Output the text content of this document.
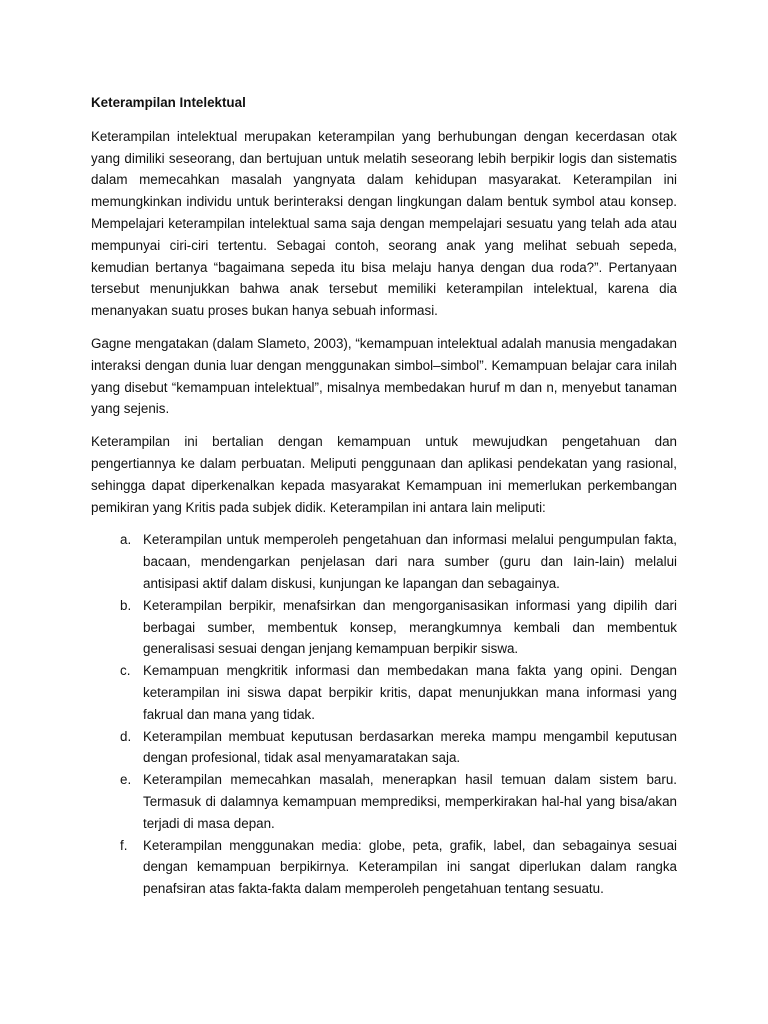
Keterampilan Intelektual

Keterampilan intelektual merupakan keterampilan yang berhubungan dengan kecerdasan otak yang dimiliki seseorang, dan bertujuan untuk melatih seseorang lebih berpikir logis dan sistematis dalam memecahkan masalah yangnyata dalam kehidupan masyarakat. Keterampilan ini memungkinkan individu untuk berinteraksi dengan lingkungan dalam bentuk symbol atau konsep. Mempelajari keterampilan intelektual sama saja dengan mempelajari sesuatu yang telah ada atau mempunyai ciri-ciri tertentu. Sebagai contoh, seorang anak yang melihat sebuah sepeda, kemudian bertanya “bagaimana sepeda itu bisa melaju hanya dengan dua roda?”. Pertanyaan tersebut menunjukkan bahwa anak tersebut memiliki keterampilan intelektual, karena dia menanyakan suatu proses bukan hanya sebuah informasi.

Gagne mengatakan (dalam Slameto, 2003), “kemampuan intelektual adalah manusia mengadakan interaksi dengan dunia luar dengan menggunakan simbol–simbol”. Kemampuan belajar cara inilah yang disebut “kemampuan intelektual”, misalnya membedakan huruf m dan n, menyebut tanaman yang sejenis.

Keterampilan ini bertalian dengan kemampuan untuk mewujudkan pengetahuan dan pengertiannya ke dalam perbuatan. Meliputi penggunaan dan aplikasi pendekatan yang rasional, sehingga dapat diperkenalkan kepada masyarakat Kemampuan ini memerlukan perkembangan pemikiran yang Kritis pada subjek didik. Keterampilan ini antara lain meliputi:

a. Keterampilan untuk memperoleh pengetahuan dan informasi melalui pengumpulan fakta, bacaan, mendengarkan penjelasan dari nara sumber (guru dan Iain-lain) melalui antisipasi aktif dalam diskusi, kunjungan ke lapangan dan sebagainya.
b. Keterampilan berpikir, menafsirkan dan mengorganisasikan informasi yang dipilih dari berbagai sumber, membentuk konsep, merangkumnya kembali dan membentuk generalisasi sesuai dengan jenjang kemampuan berpikir siswa.
c. Kemampuan mengkritik informasi dan membedakan mana fakta yang opini. Dengan keterampilan ini siswa dapat berpikir kritis, dapat menunjukkan mana informasi yang fakrual dan mana yang tidak.
d. Keterampilan membuat keputusan berdasarkan mereka mampu mengambil keputusan dengan profesional, tidak asal menyamaratakan saja.
e. Keterampilan memecahkan masalah, menerapkan hasil temuan dalam sistem baru. Termasuk di dalamnya kemampuan memprediksi, memperkirakan hal-hal yang bisa/akan terjadi di masa depan.
f. Keterampilan menggunakan media: globe, peta, grafik, label, dan sebagainya sesuai dengan kemampuan berpikirnya. Keterampilan ini sangat diperlukan dalam rangka penafsiran atas fakta-fakta dalam memperoleh pengetahuan tentang sesuatu.
